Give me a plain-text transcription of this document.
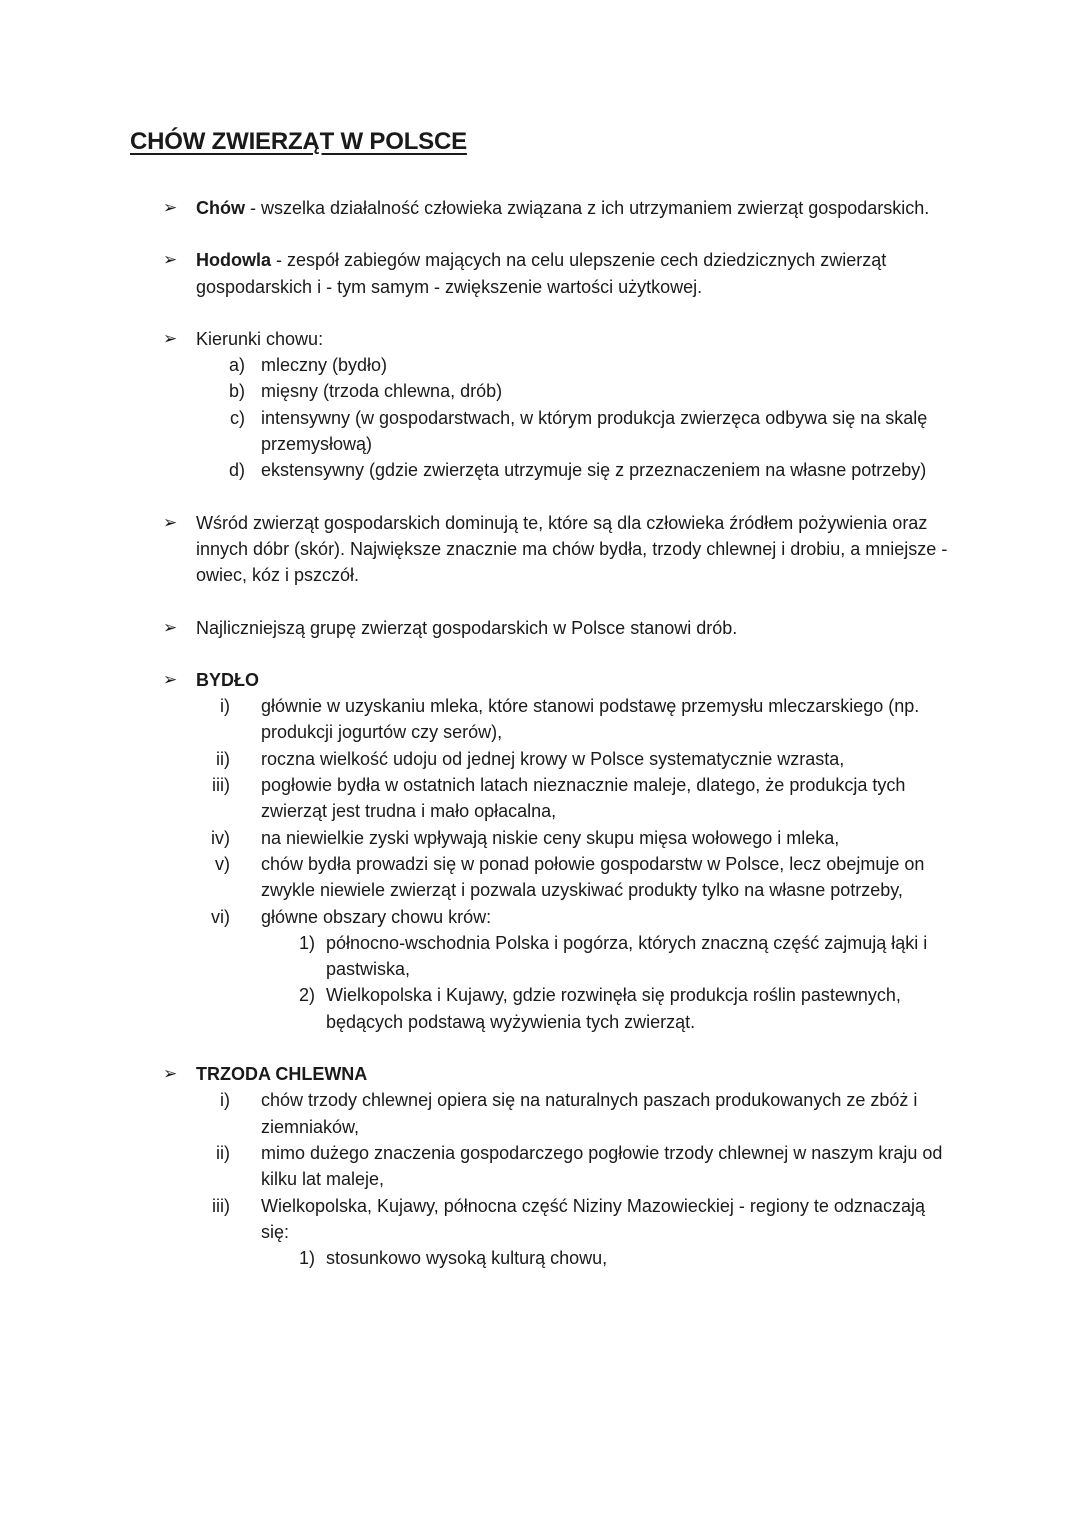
CHÓW ZWIERZĄT W POLSCE
➢ Chów - wszelka działalność człowieka związana z ich utrzymaniem zwierząt gospodarskich.
➢ Hodowla - zespół zabiegów mających na celu ulepszenie cech dziedzicznych zwierząt gospodarskich i - tym samym - zwiększenie wartości użytkowej.
➢ Kierunki chowu:
a) mleczny (bydło)
b) mięsny (trzoda chlewna, drób)
c) intensywny (w gospodarstwach, w którym produkcja zwierzęca odbywa się na skalę przemysłową)
d) ekstensywny (gdzie zwierzęta utrzymuje się z przeznaczeniem na własne potrzeby)
➢ Wśród zwierząt gospodarskich dominują te, które są dla człowieka źródłem pożywienia oraz innych dóbr (skór). Największe znacznie ma chów bydła, trzody chlewnej i drobiu, a mniejsze - owiec, kóz i pszczół.
➢ Najliczniejszą grupę zwierząt gospodarskich w Polsce stanowi drób.
➢ BYDŁO
i) głównie w uzyskaniu mleka, które stanowi podstawę przemysłu mleczarskiego (np. produkcji jogurtów czy serów),
ii) roczna wielkość udoju od jednej krowy w Polsce systematycznie wzrasta,
iii) pogłowie bydła w ostatnich latach nieznacznie maleje, dlatego, że produkcja tych zwierząt jest trudna i mało opłacalna,
iv) na niewielkie zyski wpływają niskie ceny skupu mięsa wołowego i mleka,
v) chów bydła prowadzi się w ponad połowie gospodarstw w Polsce, lecz obejmuje on zwykle niewiele zwierząt i pozwala uzyskiwać produkty tylko na własne potrzeby,
vi) główne obszary chowu krów:
1) północno-wschodnia Polska i pogórza, których znaczną część zajmują łąki i pastwiska,
2) Wielkopolska i Kujawy, gdzie rozwinęła się produkcja roślin pastewnych, będących podstawą wyżywienia tych zwierząt.
➢ TRZODA CHLEWNA
i) chów trzody chlewnej opiera się na naturalnych paszach produkowanych ze zbóż i ziemniaków,
ii) mimo dużego znaczenia gospodarczego pogłowie trzody chlewnej w naszym kraju od kilku lat maleje,
iii) Wielkopolska, Kujawy, północna część Niziny Mazowieckiej - regiony te odznaczają się:
1) stosunkowo wysoką kulturą chowu,
